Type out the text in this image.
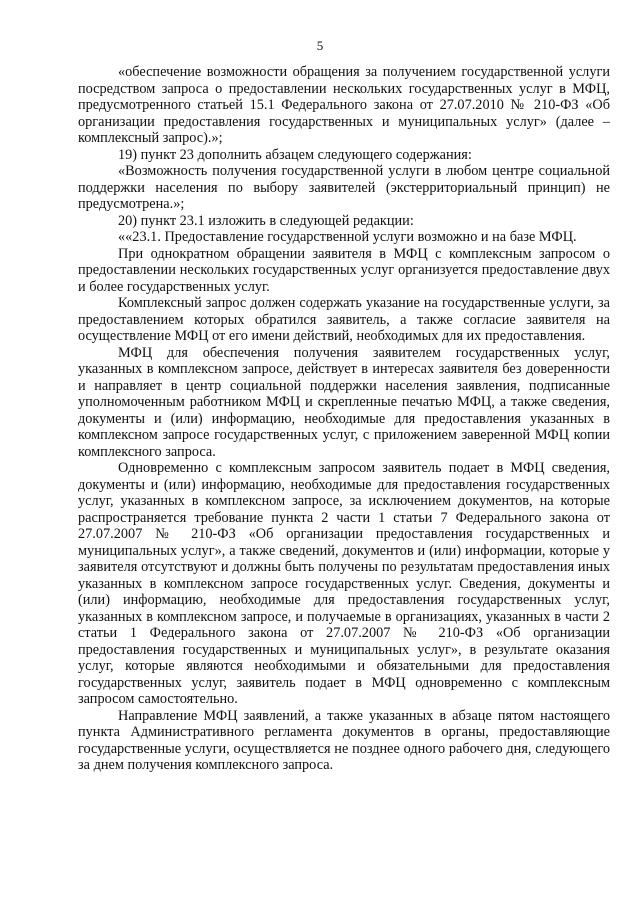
5

«обеспечение возможности обращения за получением государственной услуги посредством запроса о предоставлении нескольких государственных услуг в МФЦ, предусмотренного статьей 15.1 Федерального закона от 27.07.2010 № 210-ФЗ «Об организации предоставления государственных и муниципальных услуг» (далее – комплексный запрос).»;

19) пункт 23 дополнить абзацем следующего содержания:

«Возможность получения государственной услуги в любом центре социальной поддержки населения по выбору заявителей (экстерриториальный принцип) не предусмотрена.»;

20) пункт 23.1 изложить в следующей редакции:

««23.1. Предоставление государственной услуги возможно и на базе МФЦ.

При однократном обращении заявителя в МФЦ с комплексным запросом о предоставлении нескольких государственных услуг организуется предоставление двух и более государственных услуг.

Комплексный запрос должен содержать указание на государственные услуги, за предоставлением которых обратился заявитель, а также согласие заявителя на осуществление МФЦ от его имени действий, необходимых для их предоставления.

МФЦ для обеспечения получения заявителем государственных услуг, указанных в комплексном запросе, действует в интересах заявителя без доверенности и направляет в центр социальной поддержки населения заявления, подписанные уполномоченным работником МФЦ и скрепленные печатью МФЦ, а также сведения, документы и (или) информацию, необходимые для предоставления указанных в комплексном запросе государственных услуг, с приложением заверенной МФЦ копии комплексного запроса.

Одновременно с комплексным запросом заявитель подает в МФЦ сведения, документы и (или) информацию, необходимые для предоставления государственных услуг, указанных в комплексном запросе, за исключением документов, на которые распространяется требование пункта 2 части 1 статьи 7 Федерального закона от 27.07.2007 № 210-ФЗ «Об организации предоставления государственных и муниципальных услуг», а также сведений, документов и (или) информации, которые у заявителя отсутствуют и должны быть получены по результатам предоставления иных указанных в комплексном запросе государственных услуг. Сведения, документы и (или) информацию, необходимые для предоставления государственных услуг, указанных в комплексном запросе, и получаемые в организациях, указанных в части 2 статьи 1 Федерального закона от 27.07.2007 № 210-ФЗ «Об организации предоставления государственных и муниципальных услуг», в результате оказания услуг, которые являются необходимыми и обязательными для предоставления государственных услуг, заявитель подает в МФЦ одновременно с комплексным запросом самостоятельно.

Направление МФЦ заявлений, а также указанных в абзаце пятом настоящего пункта Административного регламента документов в органы, предоставляющие государственные услуги, осуществляется не позднее одного рабочего дня, следующего за днем получения комплексного запроса.
